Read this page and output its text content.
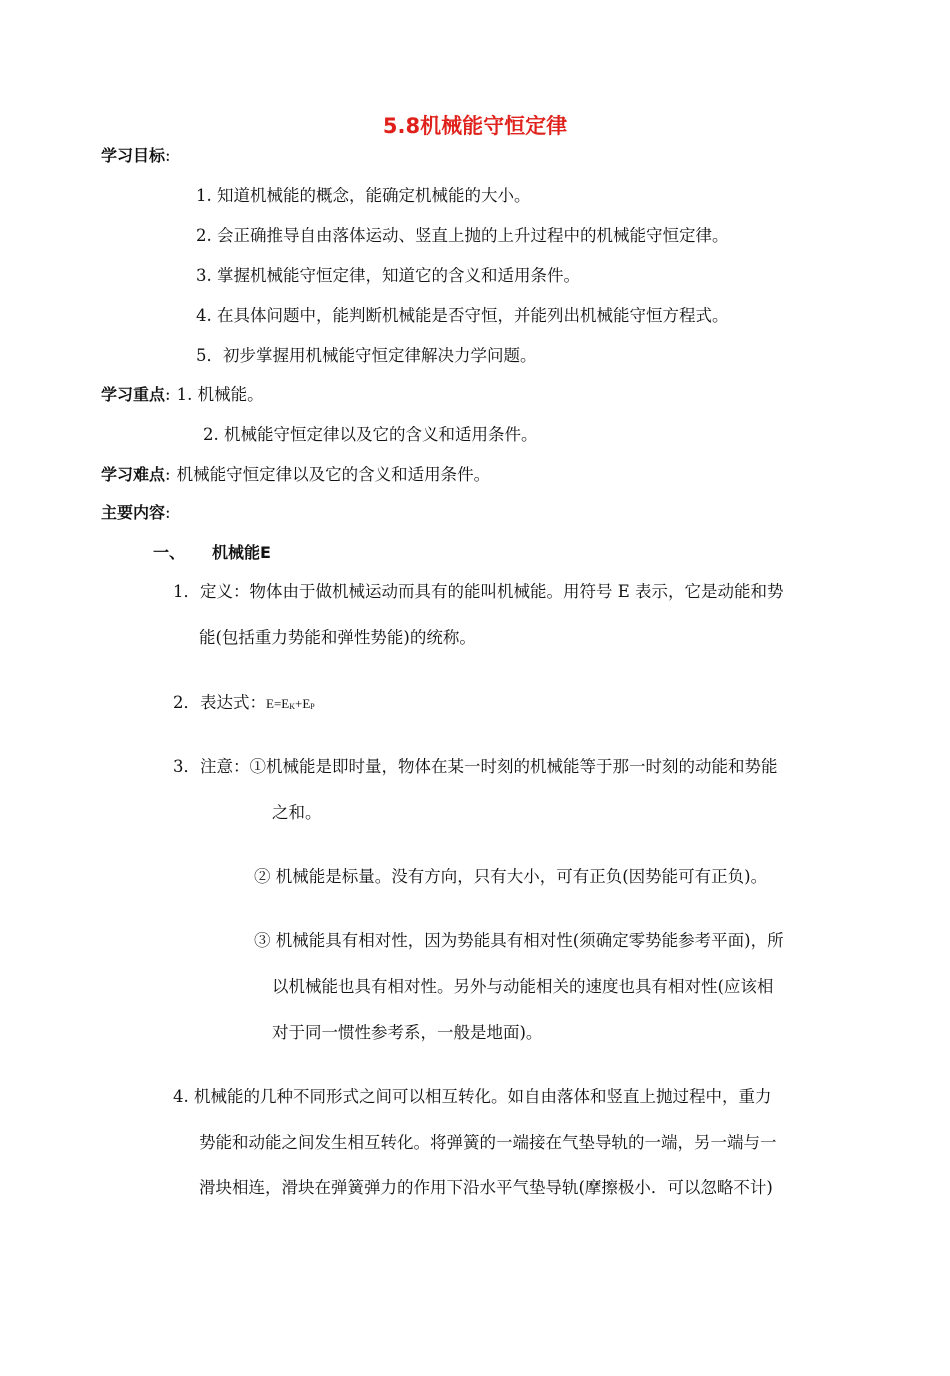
5.8机械能守恒定律
学习目标:
1. 知道机械能的概念，能确定机械能的大小。
2. 会正确推导自由落体运动、竖直上抛的上升过程中的机械能守恒定律。
3. 掌握机械能守恒定律，知道它的含义和适用条件。
4. 在具体问题中，能判断机械能是否守恒，并能列出机械能守恒方程式。
5．初步掌握用机械能守恒定律解决力学问题。
学习重点: 1. 机械能。
2. 机械能守恒定律以及它的含义和适用条件。
学习难点: 机械能守恒定律以及它的含义和适用条件。
主要内容:
一、 机械能E
1．定义：物体由于做机械运动而具有的能叫机械能。用符号 E 表示，它是动能和势
能(包括重力势能和弹性势能)的统称。
2．表达式：$E=E_K+E_P$
3．注意：①机械能是即时量，物体在某一时刻的机械能等于那一时刻的动能和势能
之和。
② 机械能是标量。没有方向，只有大小，可有正负(因势能可有正负)。
③ 机械能具有相对性，因为势能具有相对性(须确定零势能参考平面)，所
以机械能也具有相对性。另外与动能相关的速度也具有相对性(应该相
对于同一惯性参考系，一般是地面)。
4. 机械能的几种不同形式之间可以相互转化。如自由落体和竖直上抛过程中，重力
势能和动能之间发生相互转化。将弹簧的一端接在气垫导轨的一端，另一端与一
滑块相连，滑块在弹簧弹力的作用下沿水平气垫导轨(摩擦极小．可以忽略不计)
